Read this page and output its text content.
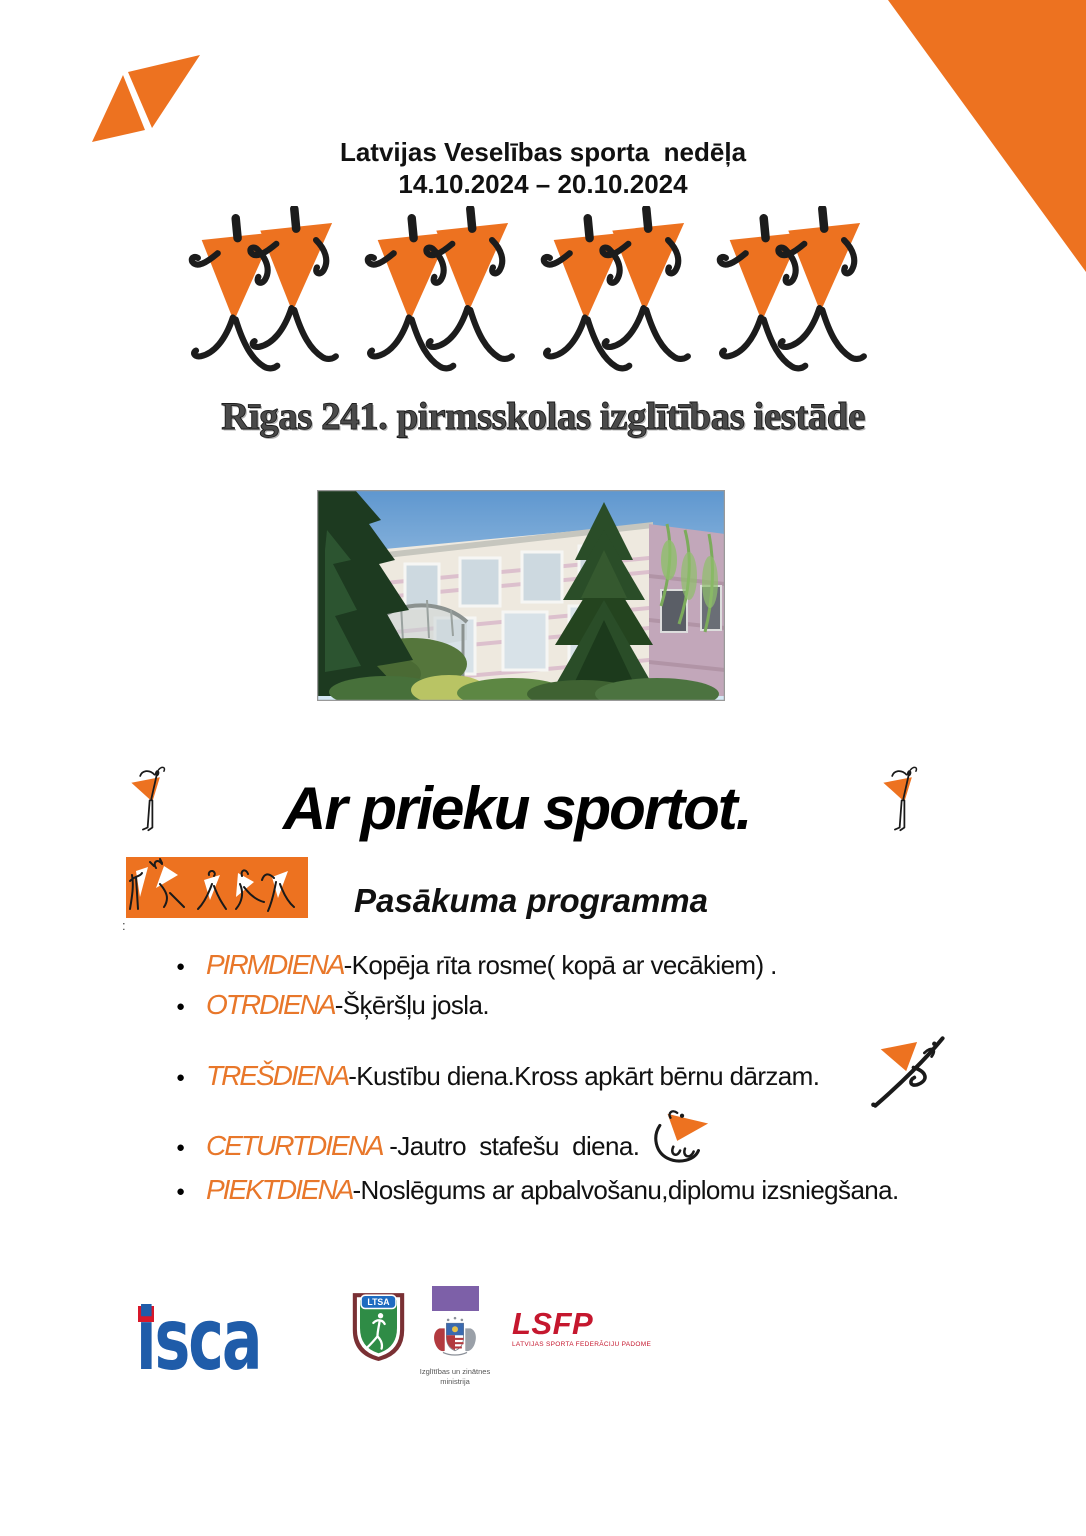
Latvijas Veselības sporta  nedēļa
14.10.2024 – 20.10.2024
Rīgas 241. pirmsskolas izglītības iestāde
Ar prieku sportot.
Pasākuma programma
:
● PIRMDIENA -Kopēja rīta rosme( kopā ar vecākiem) .
● OTRDIENA -Šķēršļu josla.
● TREŠDIENA -Kustību diena.Kross apkārt bērnu dārzam.
● CETURTDIENA -Jautro  stafešu  diena.
● PIEKTDIENA -Noslēgums ar apbalvošanu,diplomu izsniegšana.
isca	LTSA
Izglītības un zinātnes
ministrija
LSFP
LATVIJAS SPORTA FEDERĀCIJU PADOME
